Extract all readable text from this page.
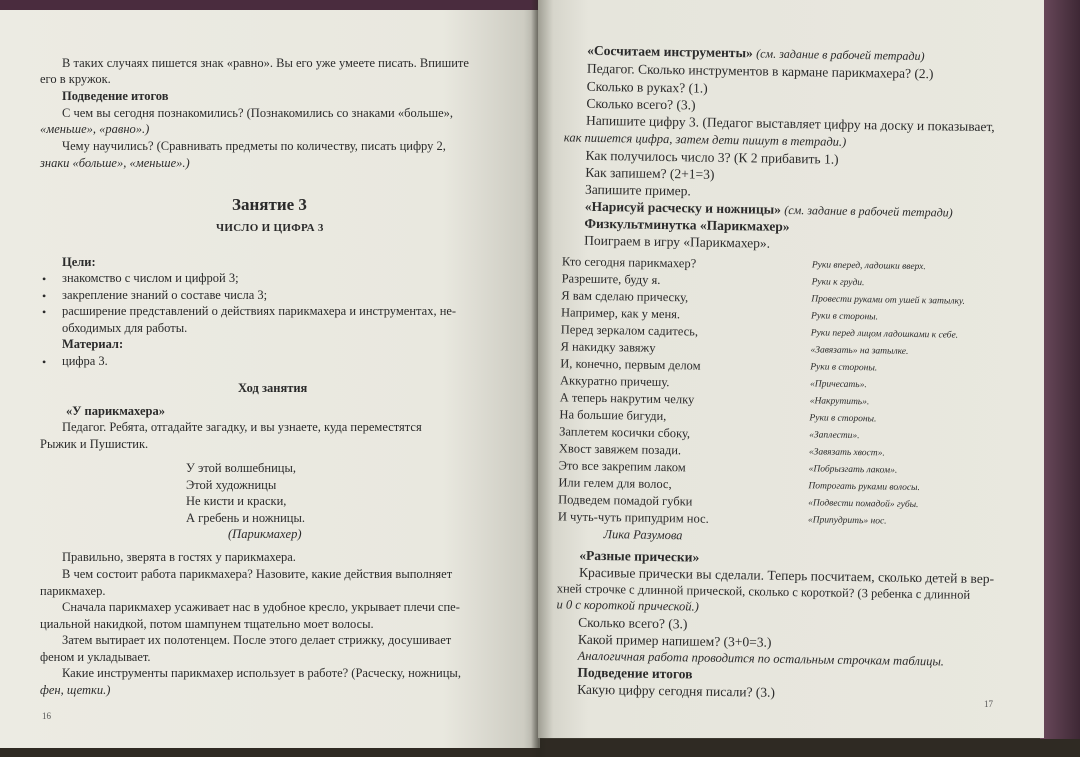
В таких случаях пишется знак «равно». Вы его уже умеете писать. Впишите
его в кружок.
Подведение итогов
С чем вы сегодня познакомились? (Познакомились со знаками «больше»,
«меньше», «равно».)
Чему научились? (Сравнивать предметы по количеству, писать цифру 2,
знаки «больше», «меньше».)
Занятие 3
ЧИСЛО И ЦИФРА 3
Цели:
• знакомство с числом и цифрой 3;
• закрепление знаний о составе числа 3;
• расширение представлений о действиях парикмахера и инструментах, не-
обходимых для работы.
Материал:
• цифра 3.
Ход занятия
«У парикмахера»
Педагог. Ребята, отгадайте загадку, и вы узнаете, куда переместятся
Рыжик и Пушистик.
У этой волшебницы,
Этой художницы
Не кисти и краски,
А гребень и ножницы.
(Парикмахер)
Правильно, зверята в гостях у парикмахера.
В чем состоит работа парикмахера? Назовите, какие действия выполняет
парикмахер.
Сначала парикмахер усаживает нас в удобное кресло, укрывает плечи спе-
циальной накидкой, потом шампунем тщательно моет волосы.
Затем вытирает их полотенцем. После этого делает стрижку, досушивает
феном и укладывает.
Какие инструменты парикмахер использует в работе? (Расческу, ножницы,
фен, щетки.)
16
«Сосчитаем инструменты» (см. задание в рабочей тетради)
Педагог. Сколько инструментов в кармане парикмахера? (2.)
Сколько в руках? (1.)
Сколько всего? (3.)
Напишите цифру 3. (Педагог выставляет цифру на доску и показывает,
как пишется цифра, затем дети пишут в тетради.)
Как получилось число 3? (К 2 прибавить 1.)
Как запишем? (2+1=3)
Запишите пример.
«Нарисуй расческу и ножницы» (см. задание в рабочей тетради)
Физкультминутка «Парикмахер»
Поиграем в игру «Парикмахер».
Кто сегодня парикмахер?	Руки вперед, ладошки вверх.
Разрешите, буду я.	Руки к груди.
Я вам сделаю прическу,	Провести руками от ушей к затылку.
Например, как у меня.	Руки в стороны.
Перед зеркалом садитесь,	Руки перед лицом ладошками к себе.
Я накидку завяжу	«Завязать» на затылке.
И, конечно, первым делом	Руки в стороны.
Аккуратно причешу.	«Причесать».
А теперь накрутим челку	«Накрутить».
На большие бигуди,	Руки в стороны.
Заплетем косички сбоку,	«Заплести».
Хвост завяжем позади.	«Завязать хвост».
Это все закрепим лаком	«Побрызгать лаком».
Или гелем для волос,	Потрогать руками волосы.
Подведем помадой губки	«Подвести помадой» губы.
И чуть-чуть припудрим нос.	«Припудрить» нос.
Лика Разумова
«Разные прически»
Красивые прически вы сделали. Теперь посчитаем, сколько детей в вер-
хней строчке с длинной прической, сколько с короткой? (3 ребенка с длинной
и 0 с короткой прической.)
Сколько всего? (3.)
Какой пример напишем? (3+0=3.)
Аналогичная работа проводится по остальным строчкам таблицы.
Подведение итогов
Какую цифру сегодня писали? (3.)
17
